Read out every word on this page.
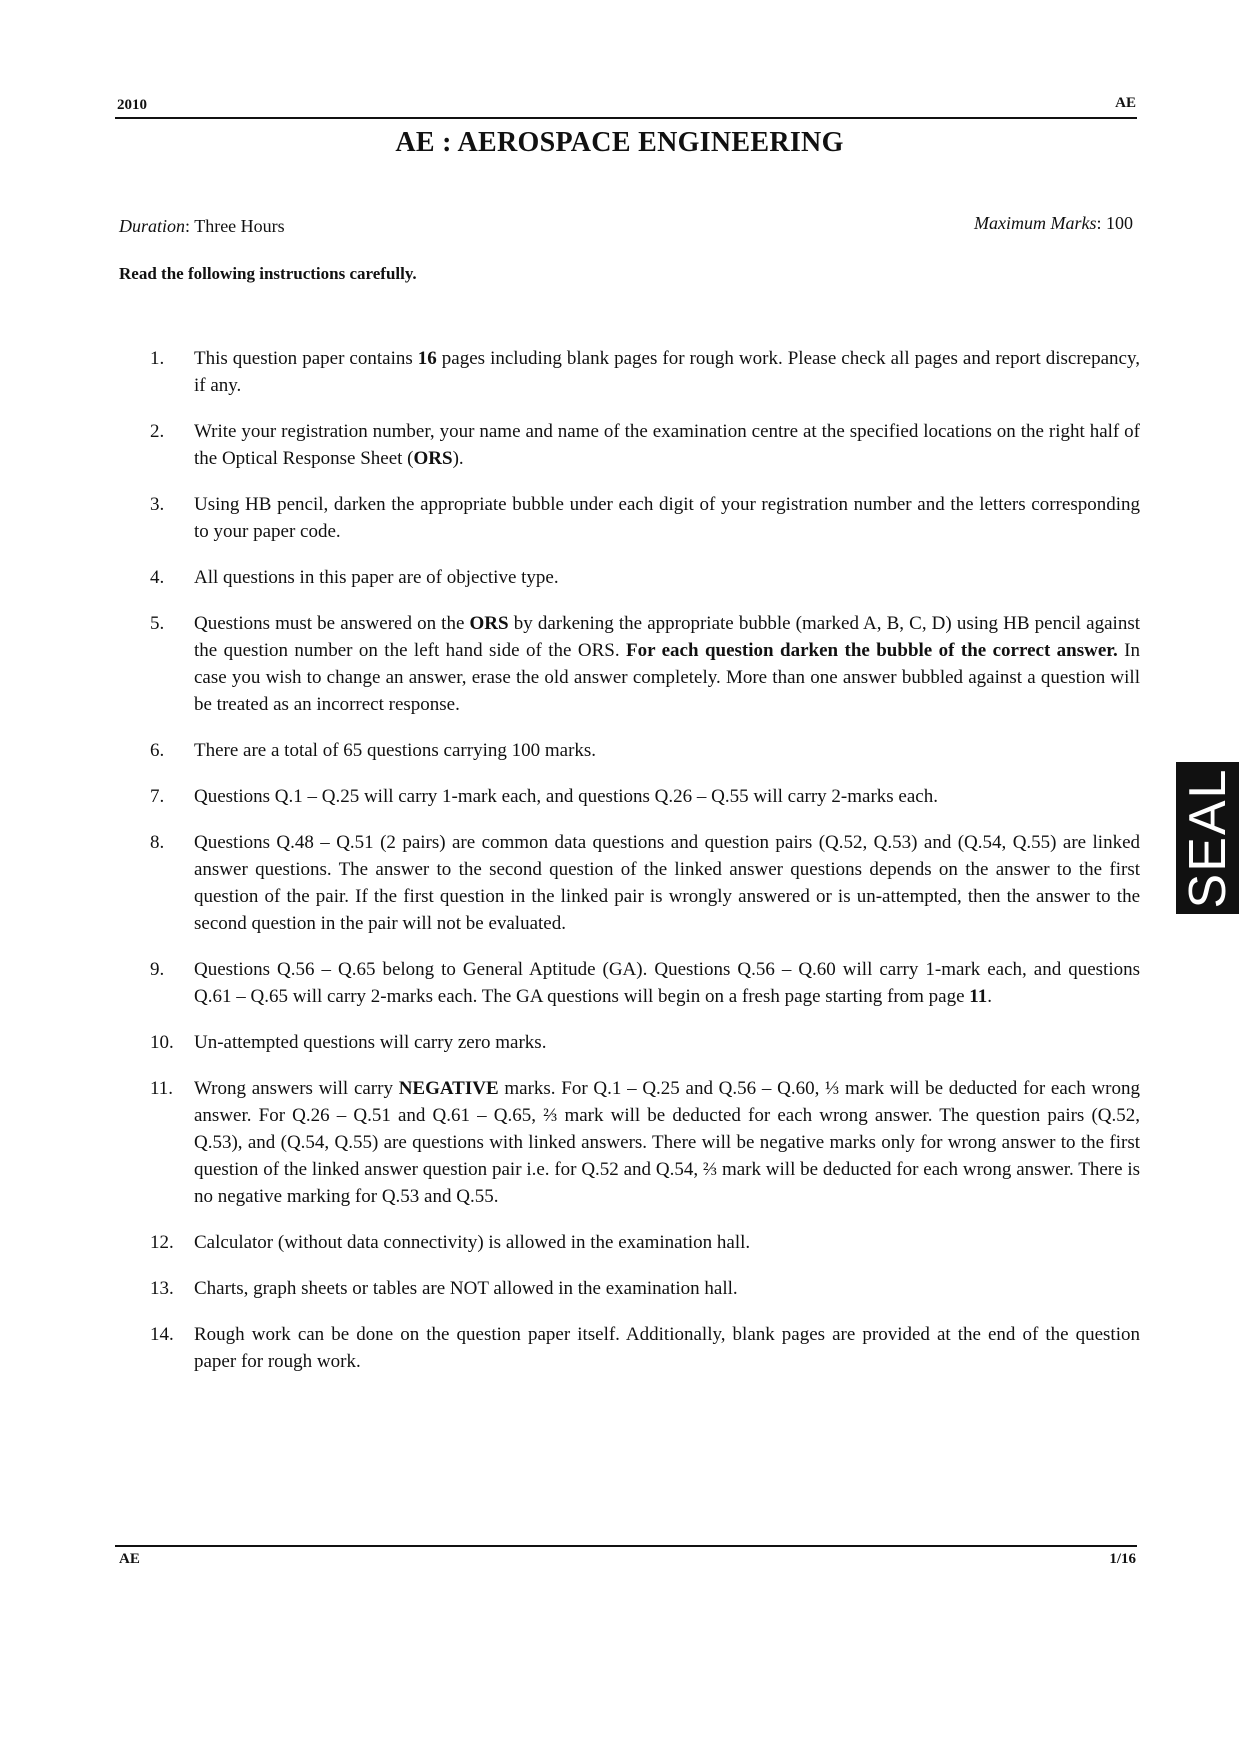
2010	AE
AE : AEROSPACE ENGINEERING
Duration: Three Hours	Maximum Marks: 100
Read the following instructions carefully.
1.	This question paper contains 16 pages including blank pages for rough work. Please check all pages and report discrepancy, if any.
2.	Write your registration number, your name and name of the examination centre at the specified locations on the right half of the Optical Response Sheet (ORS).
3.	Using HB pencil, darken the appropriate bubble under each digit of your registration number and the letters corresponding to your paper code.
4.	All questions in this paper are of objective type.
5.	Questions must be answered on the ORS by darkening the appropriate bubble (marked A, B, C, D) using HB pencil against the question number on the left hand side of the ORS. For each question darken the bubble of the correct answer. In case you wish to change an answer, erase the old answer completely. More than one answer bubbled against a question will be treated as an incorrect response.
6.	There are a total of 65 questions carrying 100 marks.
7.	Questions Q.1 – Q.25 will carry 1-mark each, and questions Q.26 – Q.55 will carry 2-marks each.
8.	Questions Q.48 – Q.51 (2 pairs) are common data questions and question pairs (Q.52, Q.53) and (Q.54, Q.55) are linked answer questions. The answer to the second question of the linked answer questions depends on the answer to the first question of the pair. If the first question in the linked pair is wrongly answered or is un-attempted, then the answer to the second question in the pair will not be evaluated.
9.	Questions Q.56 – Q.65 belong to General Aptitude (GA). Questions Q.56 – Q.60 will carry 1-mark each, and questions Q.61 – Q.65 will carry 2-marks each. The GA questions will begin on a fresh page starting from page 11.
10.	Un-attempted questions will carry zero marks.
11.	Wrong answers will carry NEGATIVE marks. For Q.1 – Q.25 and Q.56 – Q.60, ⅓ mark will be deducted for each wrong answer. For Q.26 – Q.51 and Q.61 – Q.65, ⅔ mark will be deducted for each wrong answer. The question pairs (Q.52, Q.53), and (Q.54, Q.55) are questions with linked answers. There will be negative marks only for wrong answer to the first question of the linked answer question pair i.e. for Q.52 and Q.54, ⅔ mark will be deducted for each wrong answer. There is no negative marking for Q.53 and Q.55.
12.	Calculator (without data connectivity) is allowed in the examination hall.
13.	Charts, graph sheets or tables are NOT allowed in the examination hall.
14.	Rough work can be done on the question paper itself. Additionally, blank pages are provided at the end of the question paper for rough work.
SEAL
AE	1/16
